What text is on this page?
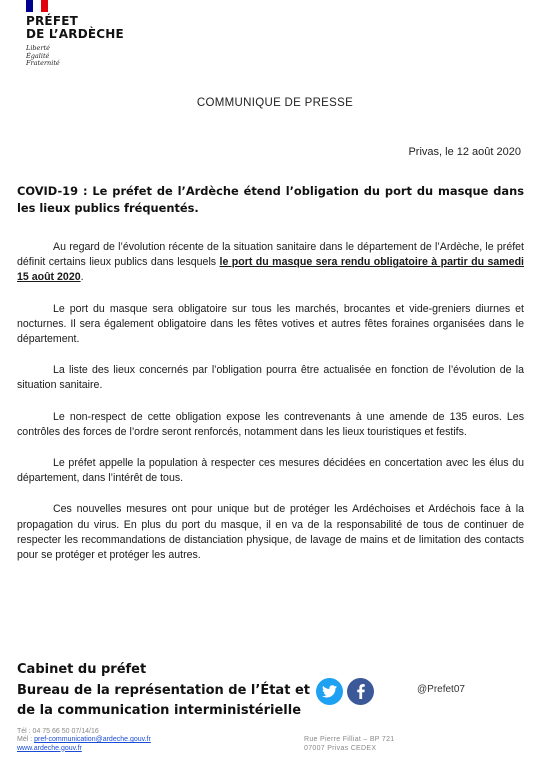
PRÉFET
DE L’ARDÈCHE
Liberté
Égalité
Fraternité
COMMUNIQUE DE PRESSE
Privas, le 12 août 2020
COVID-19 : Le préfet de l’Ardèche étend l’obligation du port du masque dans les lieux publics fréquentés.

Au regard de l’évolution récente de la situation sanitaire dans le département de l’Ardèche, le préfet définit certains lieux publics dans lesquels le port du masque sera rendu obligatoire à partir du samedi 15 août 2020.

Le port du masque sera obligatoire sur tous les marchés, brocantes et vide-greniers diurnes et nocturnes. Il sera également obligatoire dans les fêtes votives et autres fêtes foraines organisées dans le département.

La liste des lieux concernés par l’obligation pourra être actualisée en fonction de l’évolution de la situation sanitaire.

Le non-respect de cette obligation expose les contrevenants à une amende de 135 euros. Les contrôles des forces de l’ordre seront renforcés, notamment dans les lieux touristiques et festifs.

Le préfet appelle la population à respecter ces mesures décidées en concertation avec les élus du département, dans l’intérêt de tous.

Ces nouvelles mesures ont pour unique but de protéger les Ardéchoises et Ardéchois face à la propagation du virus. En plus du port du masque, il en va de la responsabilité de tous de continuer de respecter les recommandations de distanciation physique, de lavage de mains et de limitation des contacts pour se protéger et protéger les autres.

Cabinet du préfet
Bureau de la représentation de l’État et
de la communication interministérielle
@Prefet07
Tél : 04 75 66 50 07/14/16
Mél : pref-communication@ardeche.gouv.fr
www.ardeche.gouv.fr
Rue Pierre Filliat – BP 721
07007 Privas CEDEX
